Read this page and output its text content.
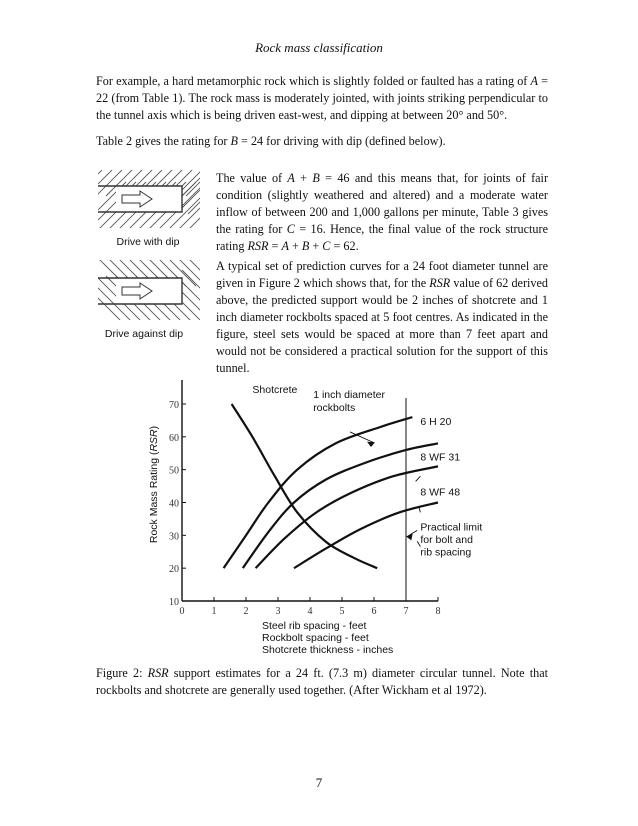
Rock mass classification
For example, a hard metamorphic rock which is slightly folded or faulted has a rating of A = 22 (from Table 1). The rock mass is moderately jointed, with joints striking perpendicular to the tunnel axis which is being driven east-west, and dipping at between 20° and 50°.
Table 2 gives the rating for B = 24 for driving with dip (defined below).
The value of A + B = 46 and this means that, for joints of fair condition (slightly weathered and altered) and a moderate water inflow of between 200 and 1,000 gallons per minute, Table 3 gives the rating for C = 16. Hence, the final value of the rock structure rating RSR = A + B + C = 62.
A typical set of prediction curves for a 24 foot diameter tunnel are given in Figure 2 which shows that, for the RSR value of 62 derived above, the predicted support would be 2 inches of shotcrete and 1 inch diameter rockbolts spaced at 5 foot centres. As indicated in the figure, steel sets would be spaced at more than 7 feet apart and would not be considered a practical solution for the support of this tunnel.
Drive with dip
Drive against dip
Rock Mass Rating (RSR)
0	1	2	3	4	5	6	7	8
10
20
30
40
50
60
70
Shotcrete 1 inch diameter
rockbolts
6 H 20
8 WF 31
8 WF 48
Practical limit
for bolt and
rib spacing
Steel rib spacing - feet
Rockbolt spacing - feet
Shotcrete thickness - inches
Figure 2: RSR support estimates for a 24 ft. (7.3 m) diameter circular tunnel. Note that rockbolts and shotcrete are generally used together. (After Wickham et al 1972).
7
